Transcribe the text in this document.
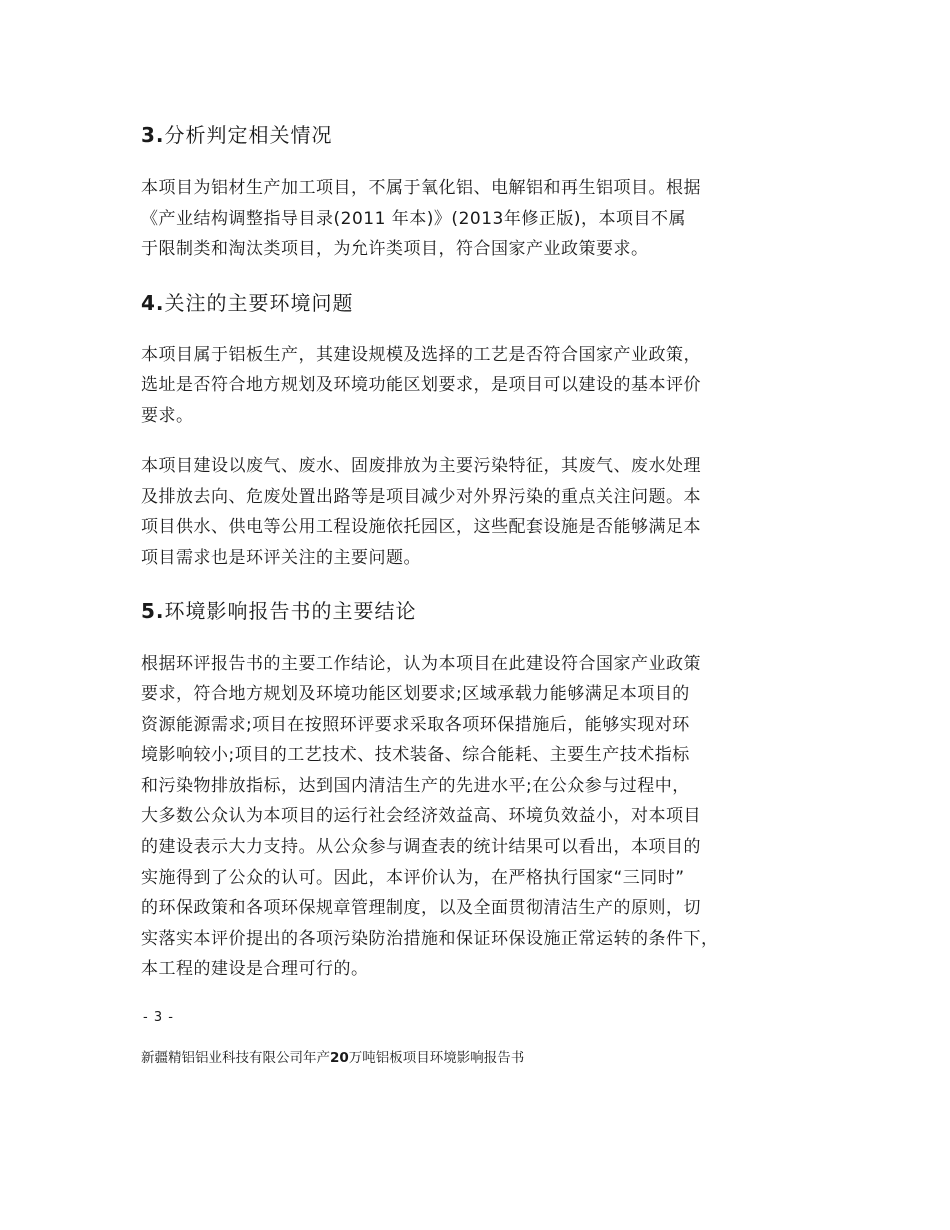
3.分析判定相关情况
本项目为铝材生产加工项目，不属于氧化铝、电解铝和再生铝项目。根据
《产业结构调整指导目录(2011 年本)》(2013年修正版)，本项目不属
于限制类和淘汰类项目，为允许类项目，符合国家产业政策要求。
4.关注的主要环境问题
本项目属于铝板生产，其建设规模及选择的工艺是否符合国家产业政策，
选址是否符合地方规划及环境功能区划要求，是项目可以建设的基本评价
要求。
本项目建设以废气、废水、固废排放为主要污染特征，其废气、废水处理
及排放去向、危废处置出路等是项目减少对外界污染的重点关注问题。本
项目供水、供电等公用工程设施依托园区，这些配套设施是否能够满足本
项目需求也是环评关注的主要问题。
5.环境影响报告书的主要结论
根据环评报告书的主要工作结论，认为本项目在此建设符合国家产业政策
要求，符合地方规划及环境功能区划要求;区域承载力能够满足本项目的
资源能源需求;项目在按照环评要求采取各项环保措施后，能够实现对环
境影响较小;项目的工艺技术、技术装备、综合能耗、主要生产技术指标
和污染物排放指标，达到国内清洁生产的先进水平;在公众参与过程中，
大多数公众认为本项目的运行社会经济效益高、环境负效益小，对本项目
的建设表示大力支持。从公众参与调查表的统计结果可以看出，本项目的
实施得到了公众的认可。因此，本评价认为，在严格执行国家“三同时”
的环保政策和各项环保规章管理制度，以及全面贯彻清洁生产的原则，切
实落实本评价提出的各项污染防治措施和保证环保设施正常运转的条件下，
本工程的建设是合理可行的。
- 3 -
新疆精铝铝业科技有限公司年产20万吨铝板项目环境影响报告书
